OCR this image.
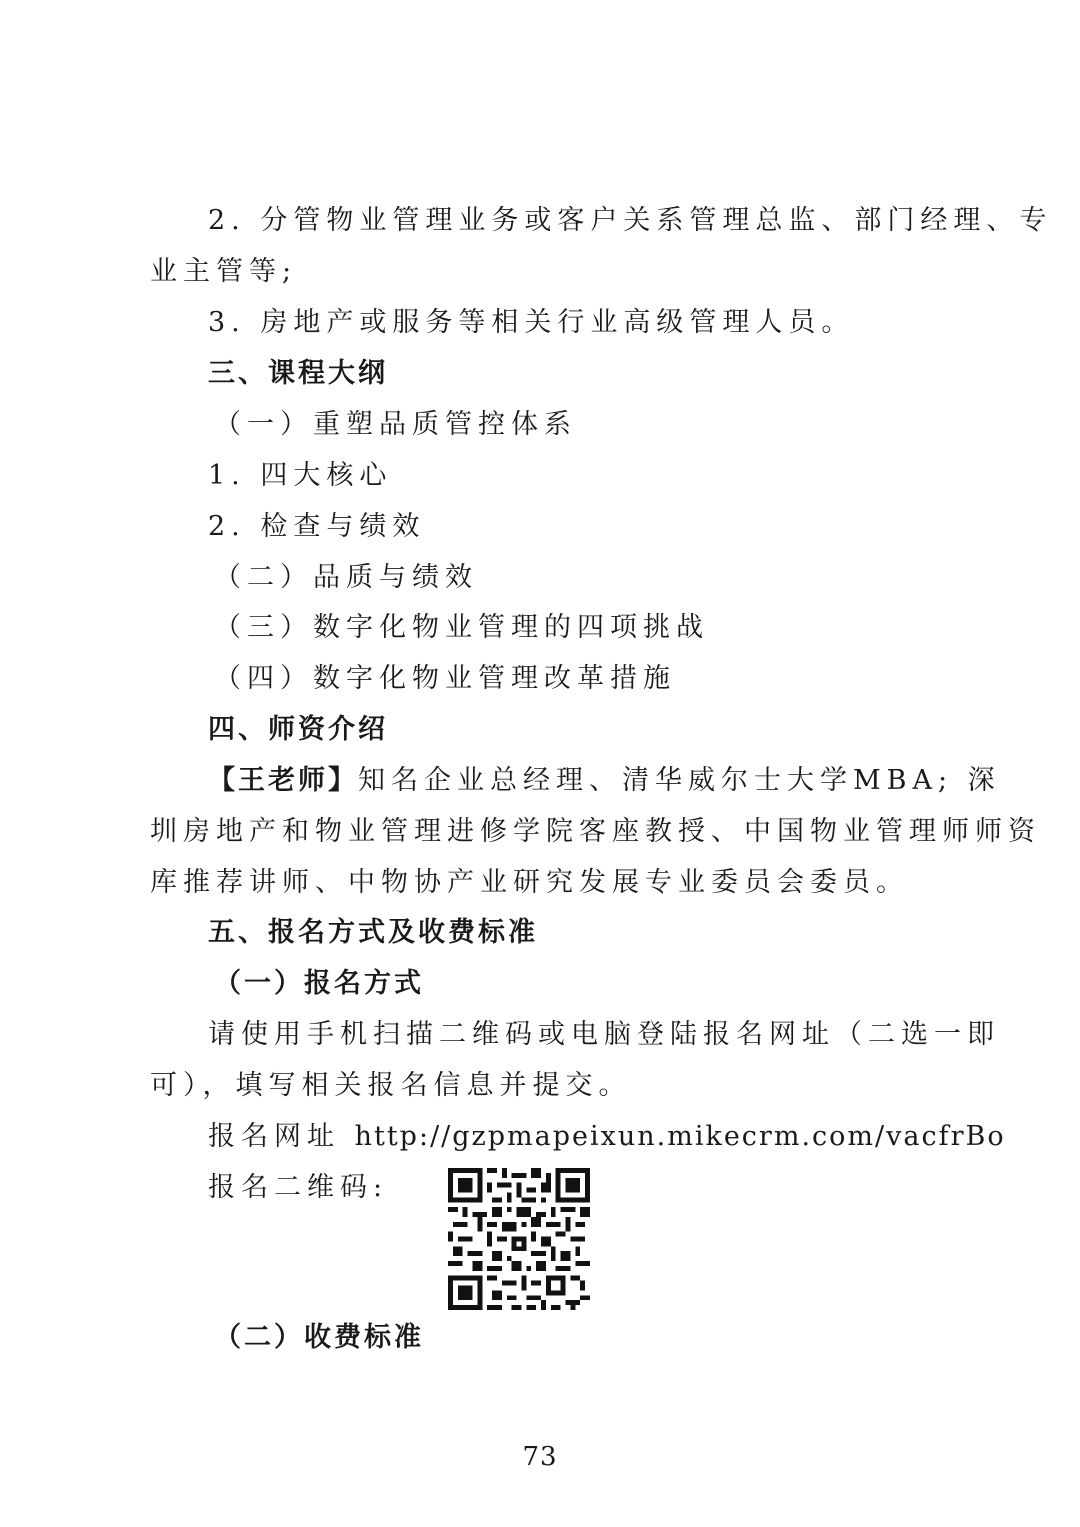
2. 分管物业管理业务或客户关系管理总监、部门经理、专
业主管等;
3. 房地产或服务等相关行业高级管理人员。
三、课程大纲
（一）重塑品质管控体系
1. 四大核心
2. 检查与绩效
（二）品质与绩效
（三）数字化物业管理的四项挑战
（四）数字化物业管理改革措施
四、师资介绍
【王老师】知名企业总经理、清华威尔士大学MBA; 深
圳房地产和物业管理进修学院客座教授、中国物业管理师师资
库推荐讲师、中物协产业研究发展专业委员会委员。
五、报名方式及收费标准
（一）报名方式
请使用手机扫描二维码或电脑登陆报名网址（二选一即
可），填写相关报名信息并提交。
报名网址 http://gzpmapeixun.mikecrm.com/vacfrBo
报名二维码:
（二）收费标准
73
